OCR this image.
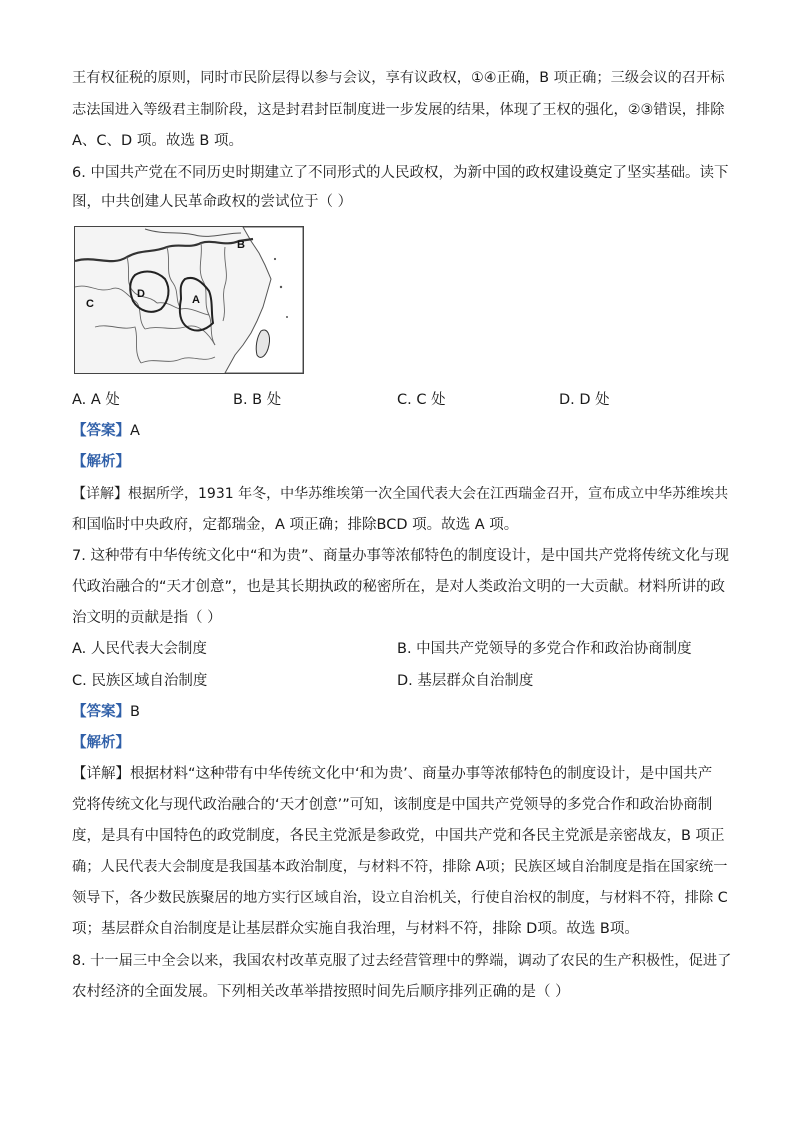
王有权征税的原则，同时市民阶层得以参与会议，享有议政权，①④正确，B 项正确；三级会议的召开标
志法国进入等级君主制阶段，这是封君封臣制度进一步发展的结果，体现了王权的强化，②③错误，排除
A、C、D 项。故选 B 项。
6. 中国共产党在不同历史时期建立了不同形式的人民政权，为新中国的政权建设奠定了坚实基础。读下
图，中共创建人民革命政权的尝试位于（ ）
B
D	A
C
A. A 处	B. B 处	C. C 处	D. D 处
【答案】A
【解析】
【详解】根据所学，1931 年冬，中华苏维埃第一次全国代表大会在江西瑞金召开，宣布成立中华苏维埃共
和国临时中央政府，定都瑞金，A 项正确；排除BCD 项。故选 A 项。
7. 这种带有中华传统文化中“和为贵”、商量办事等浓郁特色的制度设计，是中国共产党将传统文化与现
代政治融合的“天才创意”，也是其长期执政的秘密所在，是对人类政治文明的一大贡献。材料所讲的政
治文明的贡献是指（ ）
A. 人民代表大会制度	B. 中国共产党领导的多党合作和政治协商制度
C. 民族区域自治制度	D. 基层群众自治制度
【答案】B
【解析】
【详解】根据材料“这种带有中华传统文化中‘和为贵’、商量办事等浓郁特色的制度设计，是中国共产
党将传统文化与现代政治融合的‘天才创意’”可知，该制度是中国共产党领导的多党合作和政治协商制
度，是具有中国特色的政党制度，各民主党派是参政党，中国共产党和各民主党派是亲密战友，B 项正
确；人民代表大会制度是我国基本政治制度，与材料不符，排除 A项；民族区域自治制度是指在国家统一
领导下，各少数民族聚居的地方实行区域自治，设立自治机关，行使自治权的制度，与材料不符，排除 C
项；基层群众自治制度是让基层群众实施自我治理，与材料不符，排除 D项。故选 B项。
8. 十一届三中全会以来，我国农村改革克服了过去经营管理中的弊端，调动了农民的生产积极性，促进了
农村经济的全面发展。下列相关改革举措按照时间先后顺序排列正确的是（ ）
